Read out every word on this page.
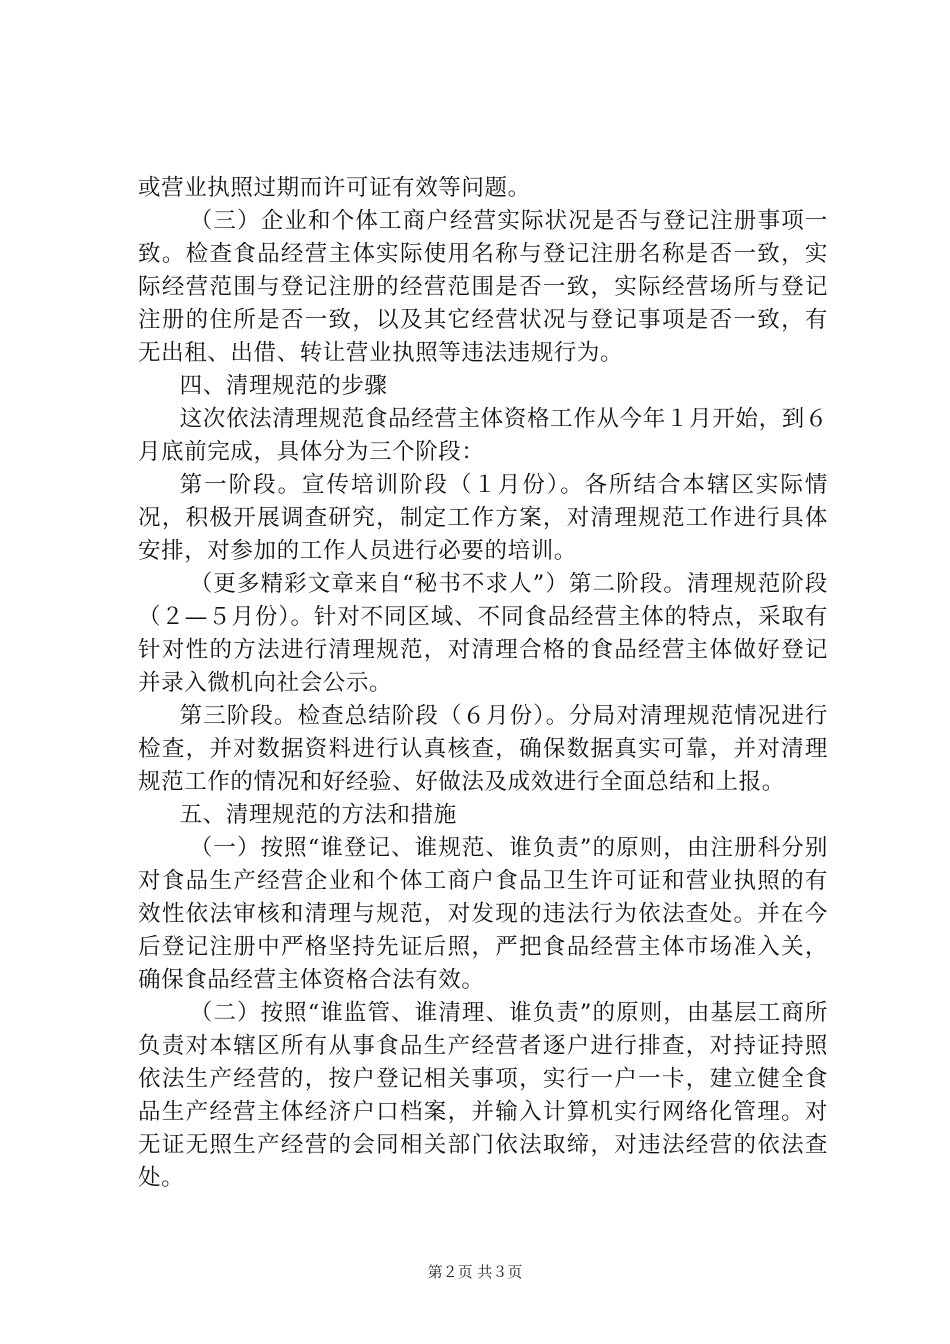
或营业执照过期而许可证有效等问题。

（三）企业和个体工商户经营实际状况是否与登记注册事项一致。检查食品经营主体实际使用名称与登记注册名称是否一致，实际经营范围与登记注册的经营范围是否一致，实际经营场所与登记注册的住所是否一致，以及其它经营状况与登记事项是否一致，有无出租、出借、转让营业执照等违法违规行为。

四、清理规范的步骤

这次依法清理规范食品经营主体资格工作从今年１月开始，到６月底前完成，具体分为三个阶段：

第一阶段。宣传培训阶段（１月份）。各所结合本辖区实际情况，积极开展调查研究，制定工作方案，对清理规范工作进行具体安排，对参加的工作人员进行必要的培训。

（更多精彩文章来自“秘书不求人”）第二阶段。清理规范阶段（２—５月份）。针对不同区域、不同食品经营主体的特点，采取有针对性的方法进行清理规范，对清理合格的食品经营主体做好登记并录入微机向社会公示。

第三阶段。检查总结阶段（６月份）。分局对清理规范情况进行检查，并对数据资料进行认真核查，确保数据真实可靠，并对清理规范工作的情况和好经验、好做法及成效进行全面总结和上报。

五、清理规范的方法和措施

（一）按照“谁登记、谁规范、谁负责”的原则，由注册科分别对食品生产经营企业和个体工商户食品卫生许可证和营业执照的有效性依法审核和清理与规范，对发现的违法行为依法查处。并在今后登记注册中严格坚持先证后照，严把食品经营主体市场准入关，确保食品经营主体资格合法有效。

（二）按照“谁监管、谁清理、谁负责”的原则，由基层工商所负责对本辖区所有从事食品生产经营者逐户进行排查，对持证持照依法生产经营的，按户登记相关事项，实行一户一卡，建立健全食品生产经营主体经济户口档案，并输入计算机实行网络化管理。对无证无照生产经营的会同相关部门依法取缔，对违法经营的依法查处。

第２页 共３页
